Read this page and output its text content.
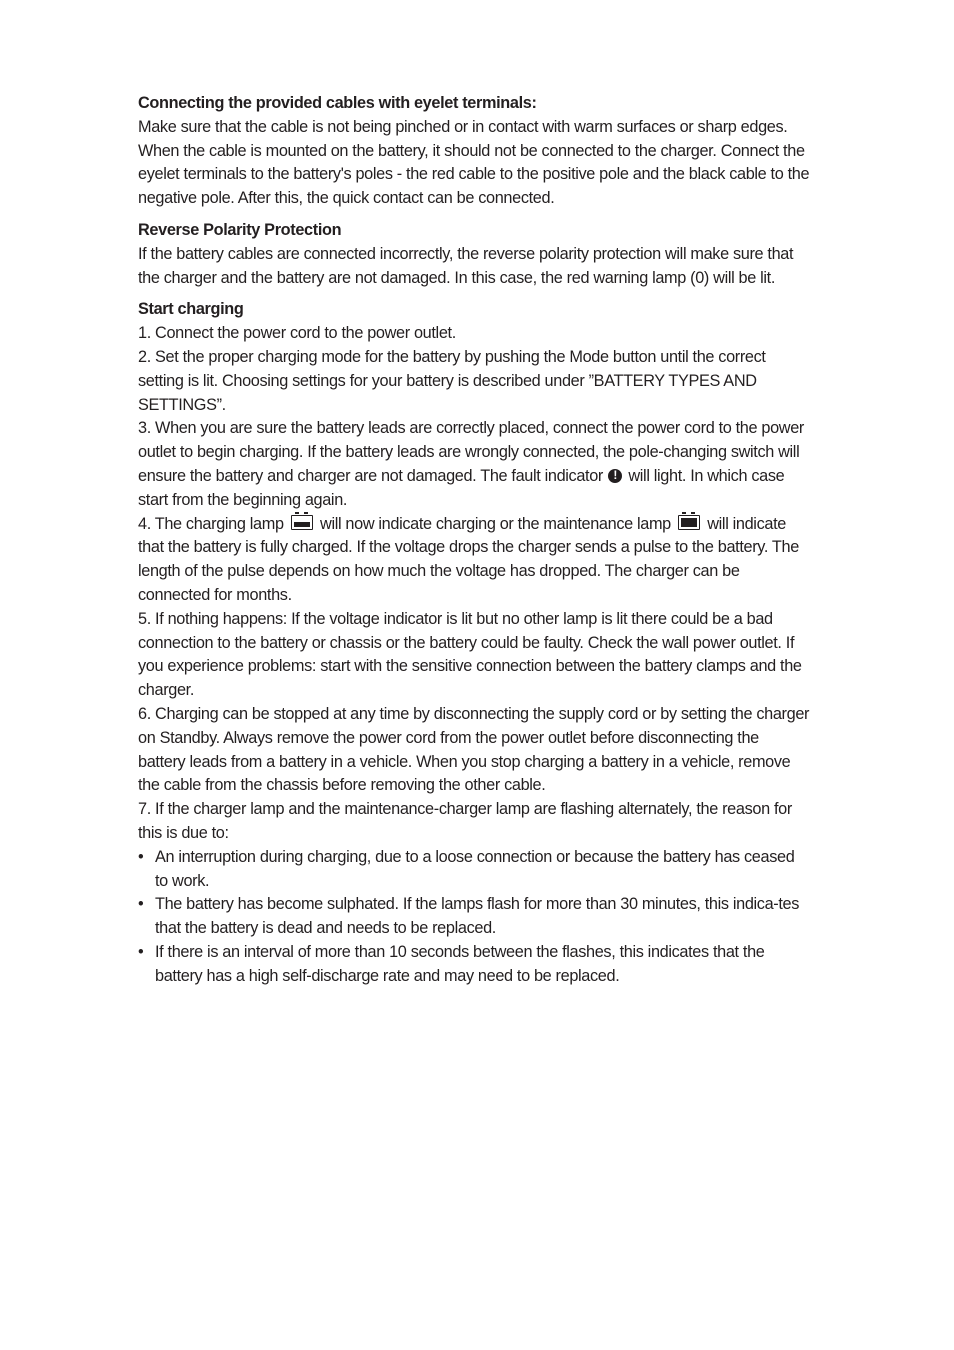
Connecting the provided cables with eyelet terminals:

Make sure that the cable is not being pinched or in contact with warm surfaces or sharp edges. When the cable is mounted on the battery, it should not be connected to the charger. Connect the eyelet terminals to the battery's poles - the red cable to the positive pole and the black cable to the negative pole. After this, the quick contact can be connected.

Reverse Polarity Protection

If the battery cables are connected incorrectly, the reverse polarity protection will make sure that the charger and the battery are not damaged. In this case, the red warning lamp (0) will be lit.

Start charging

1. Connect the power cord to the power outlet.

2. Set the proper charging mode for the battery by pushing the Mode button until the correct setting is lit. Choosing settings for your battery is described under ”BATTERY TYPES AND SETTINGS”.

3. When you are sure the battery leads are correctly placed, connect the power cord to the power outlet to begin charging. If the battery leads are wrongly connected, the pole-changing switch will ensure the battery and charger are not damaged. The fault indicator ! will light. In which case start from the beginning again.

4. The charging lamp will now indicate charging or the maintenance lamp will indicate that the battery is fully charged. If the voltage drops the charger sends a pulse to the battery. The length of the pulse depends on how much the voltage has dropped. The charger can be connected for months.

5. If nothing happens: If the voltage indicator is lit but no other lamp is lit there could be a bad connection to the battery or chassis or the battery could be faulty. Check the wall power outlet. If you experience problems: start with the sensitive connection between the battery clamps and the charger.

6. Charging can be stopped at any time by disconnecting the supply cord or by setting the charger on Standby. Always remove the power cord from the power outlet before disconnecting the battery leads from a battery in a vehicle. When you stop charging a battery in a vehicle, remove the cable from the chassis before removing the other cable.

7. If the charger lamp and the maintenance-charger lamp are flashing alternately, the reason for this is due to:

• An interruption during charging, due to a loose connection or because the battery has ceased to work.
• The battery has become sulphated. If the lamps flash for more than 30 minutes, this indica-tes that the battery is dead and needs to be replaced.
• If there is an interval of more than 10 seconds between the flashes, this indicates that the battery has a high self-discharge rate and may need to be replaced.
